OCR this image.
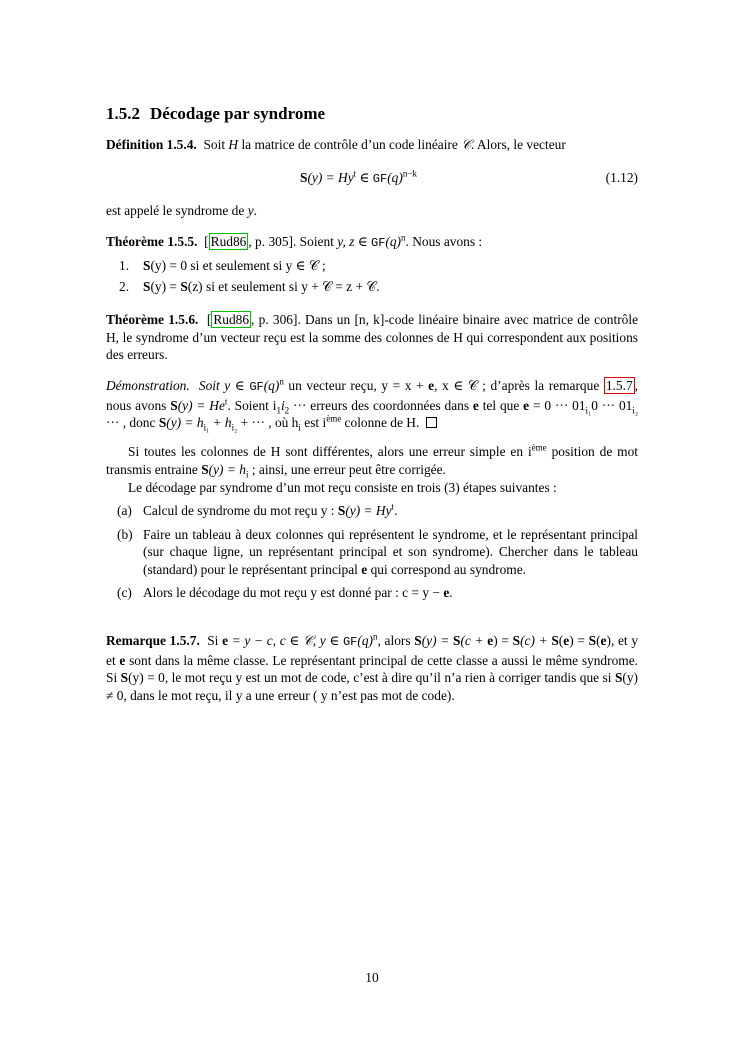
1.5.2 Décodage par syndrome
Définition 1.5.4. Soit H la matrice de contrôle d’un code linéaire 𝒞. Alors, le vecteur
$S(y) = Hy^t$ ∈ $GF(q)^{n-k}$	(1.12)
est appelé le syndrome de y.
Théorème 1.5.5.  [ Rud86 , p. 305]. Soient y, z ∈ $GF(q)^n$. Nous avons :
1. S(y) = 0 si et seulement si y ∈ 𝒞 ;
2. S(y) = S(z) si et seulement si y + 𝒞 = z + 𝒞.
Théorème 1.5.6.  [ Rud86 , p. 306]. Dans un [n, k]-code linéaire binaire avec matrice de contrôle H, le syndrome d’un vecteur reçu est la somme des colonnes de H qui correspondent aux positions des erreurs.
Démonstration. Soit y ∈ $GF(q)^n$ un vecteur reçu, y = x + e, x ∈ 𝒞 ; d’après la remarque 1.5.7 , nous avons $S(y) = He^t$. Soient $i_1i_2$ ··· erreurs des coordonnées dans e tel que e = 0 ··· $01_{i_1}0$ ··· $01_{i_2}$ ··· , donc $S(y) = h_{i_1} + h_{i_2}$ + ··· , où $h_i$ est $i^{ème}$ colonne de H.
Si toutes les colonnes de H sont différentes, alors une erreur simple en $i^{ème}$ position de mot transmis entraine $S(y) = h_i$ ; ainsi, une erreur peut être corrigée.
Le décodage par syndrome d’un mot reçu consiste en trois (3) étapes suivantes :
(a) Calcul de syndrome du mot reçu y : $S(y) = Hy^t$.
(b) Faire un tableau à deux colonnes qui représentent le syndrome, et le représentant principal (sur chaque ligne, un représentant principal et son syndrome). Chercher dans le tableau (standard) pour le représentant principal e qui correspond au syndrome.
(c) Alors le décodage du mot reçu y est donné par : c = y − e.
Remarque 1.5.7. Si e = y − c, c ∈ 𝒞, y ∈ $GF(q)^n$, alors S(y) = S(c + e) = S(c) + S(e) = S(e), et y et e sont dans la même classe. Le représentant principal de cette classe a aussi le même syndrome. Si S(y) = 0, le mot reçu y est un mot de code, c’est à dire qu’il n’a rien à corriger tandis que si S(y) ≠ 0, dans le mot reçu, il y a une erreur ( y n’est pas mot de code).
10
